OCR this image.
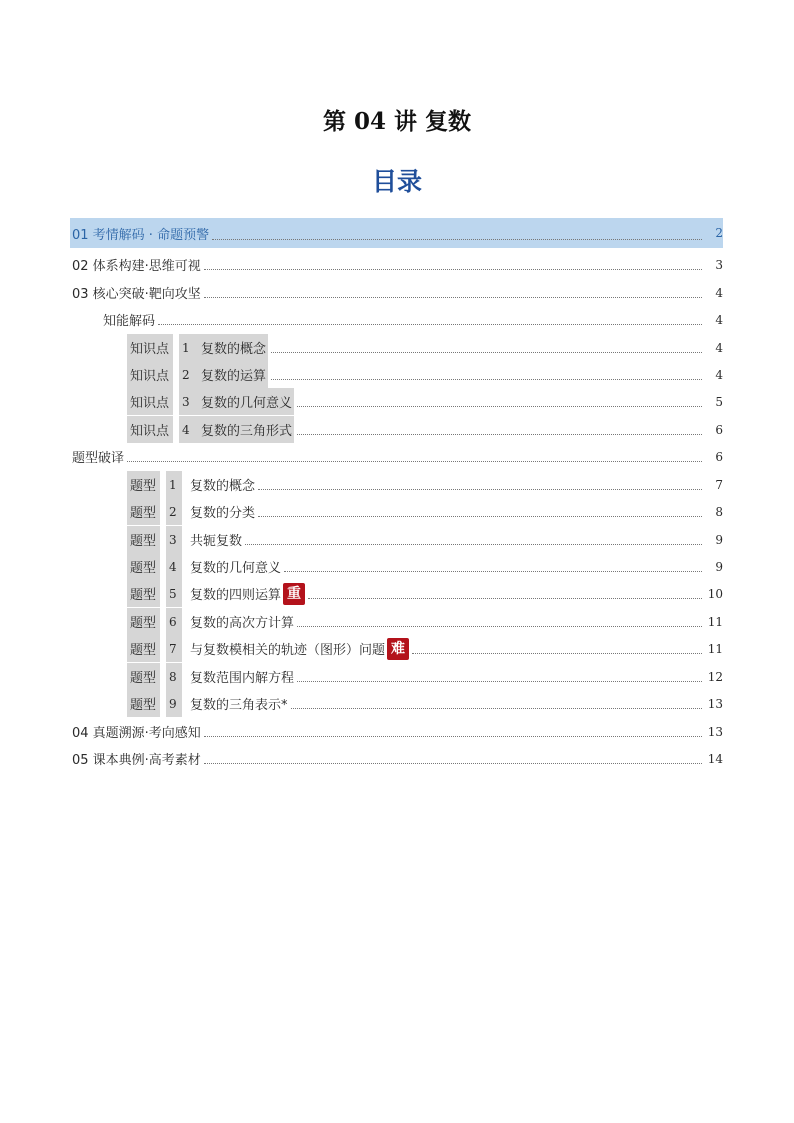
第 04 讲 复数
目录
01 考情解码 · 命题预警	2
02 体系构建·思维可视	3
03 核心突破·靶向攻坚	4
知能解码	4
知识点	1 复数的概念	4
知识点	2 复数的运算	4
知识点	3 复数的几何意义	5
知识点	4 复数的三角形式	6
题型破译	6
题型	1	复数的概念	7
题型	2	复数的分类	8
题型	3	共轭复数	9
题型	4	复数的几何意义	9
题型	5	复数的四则运算 重	10
题型	6	复数的高次方计算	11
题型	7	与复数模相关的轨迹（图形）问题 难	11
题型	8	复数范围内解方程	12
题型	9	复数的三角表示*	13
04 真题溯源·考向感知	13
05 课本典例·高考素材	14
